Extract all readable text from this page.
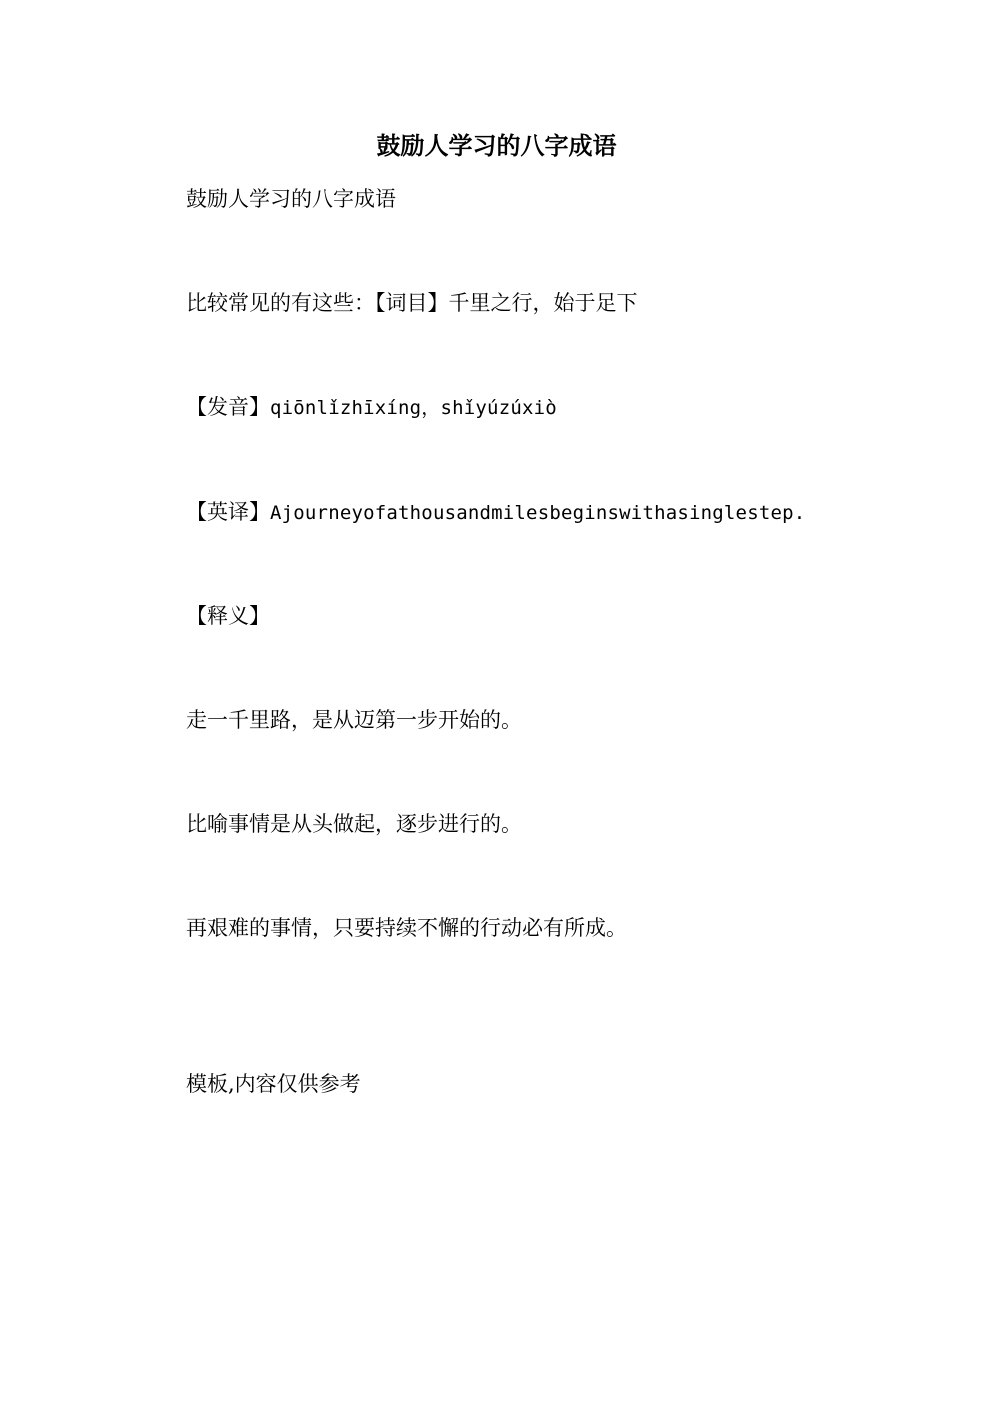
鼓励人学习的八字成语

鼓励人学习的八字成语

比较常见的有这些：【词目】千里之行，始于足下

【发音】qiōnlǐzhīxíng，shǐyúzúxiò

【英译】Ajourneyofathousandmilesbeginswithasinglestep.

【释义】

走一千里路，是从迈第一步开始的。

比喻事情是从头做起，逐步进行的。

再艰难的事情，只要持续不懈的行动必有所成。

模板,内容仅供参考
